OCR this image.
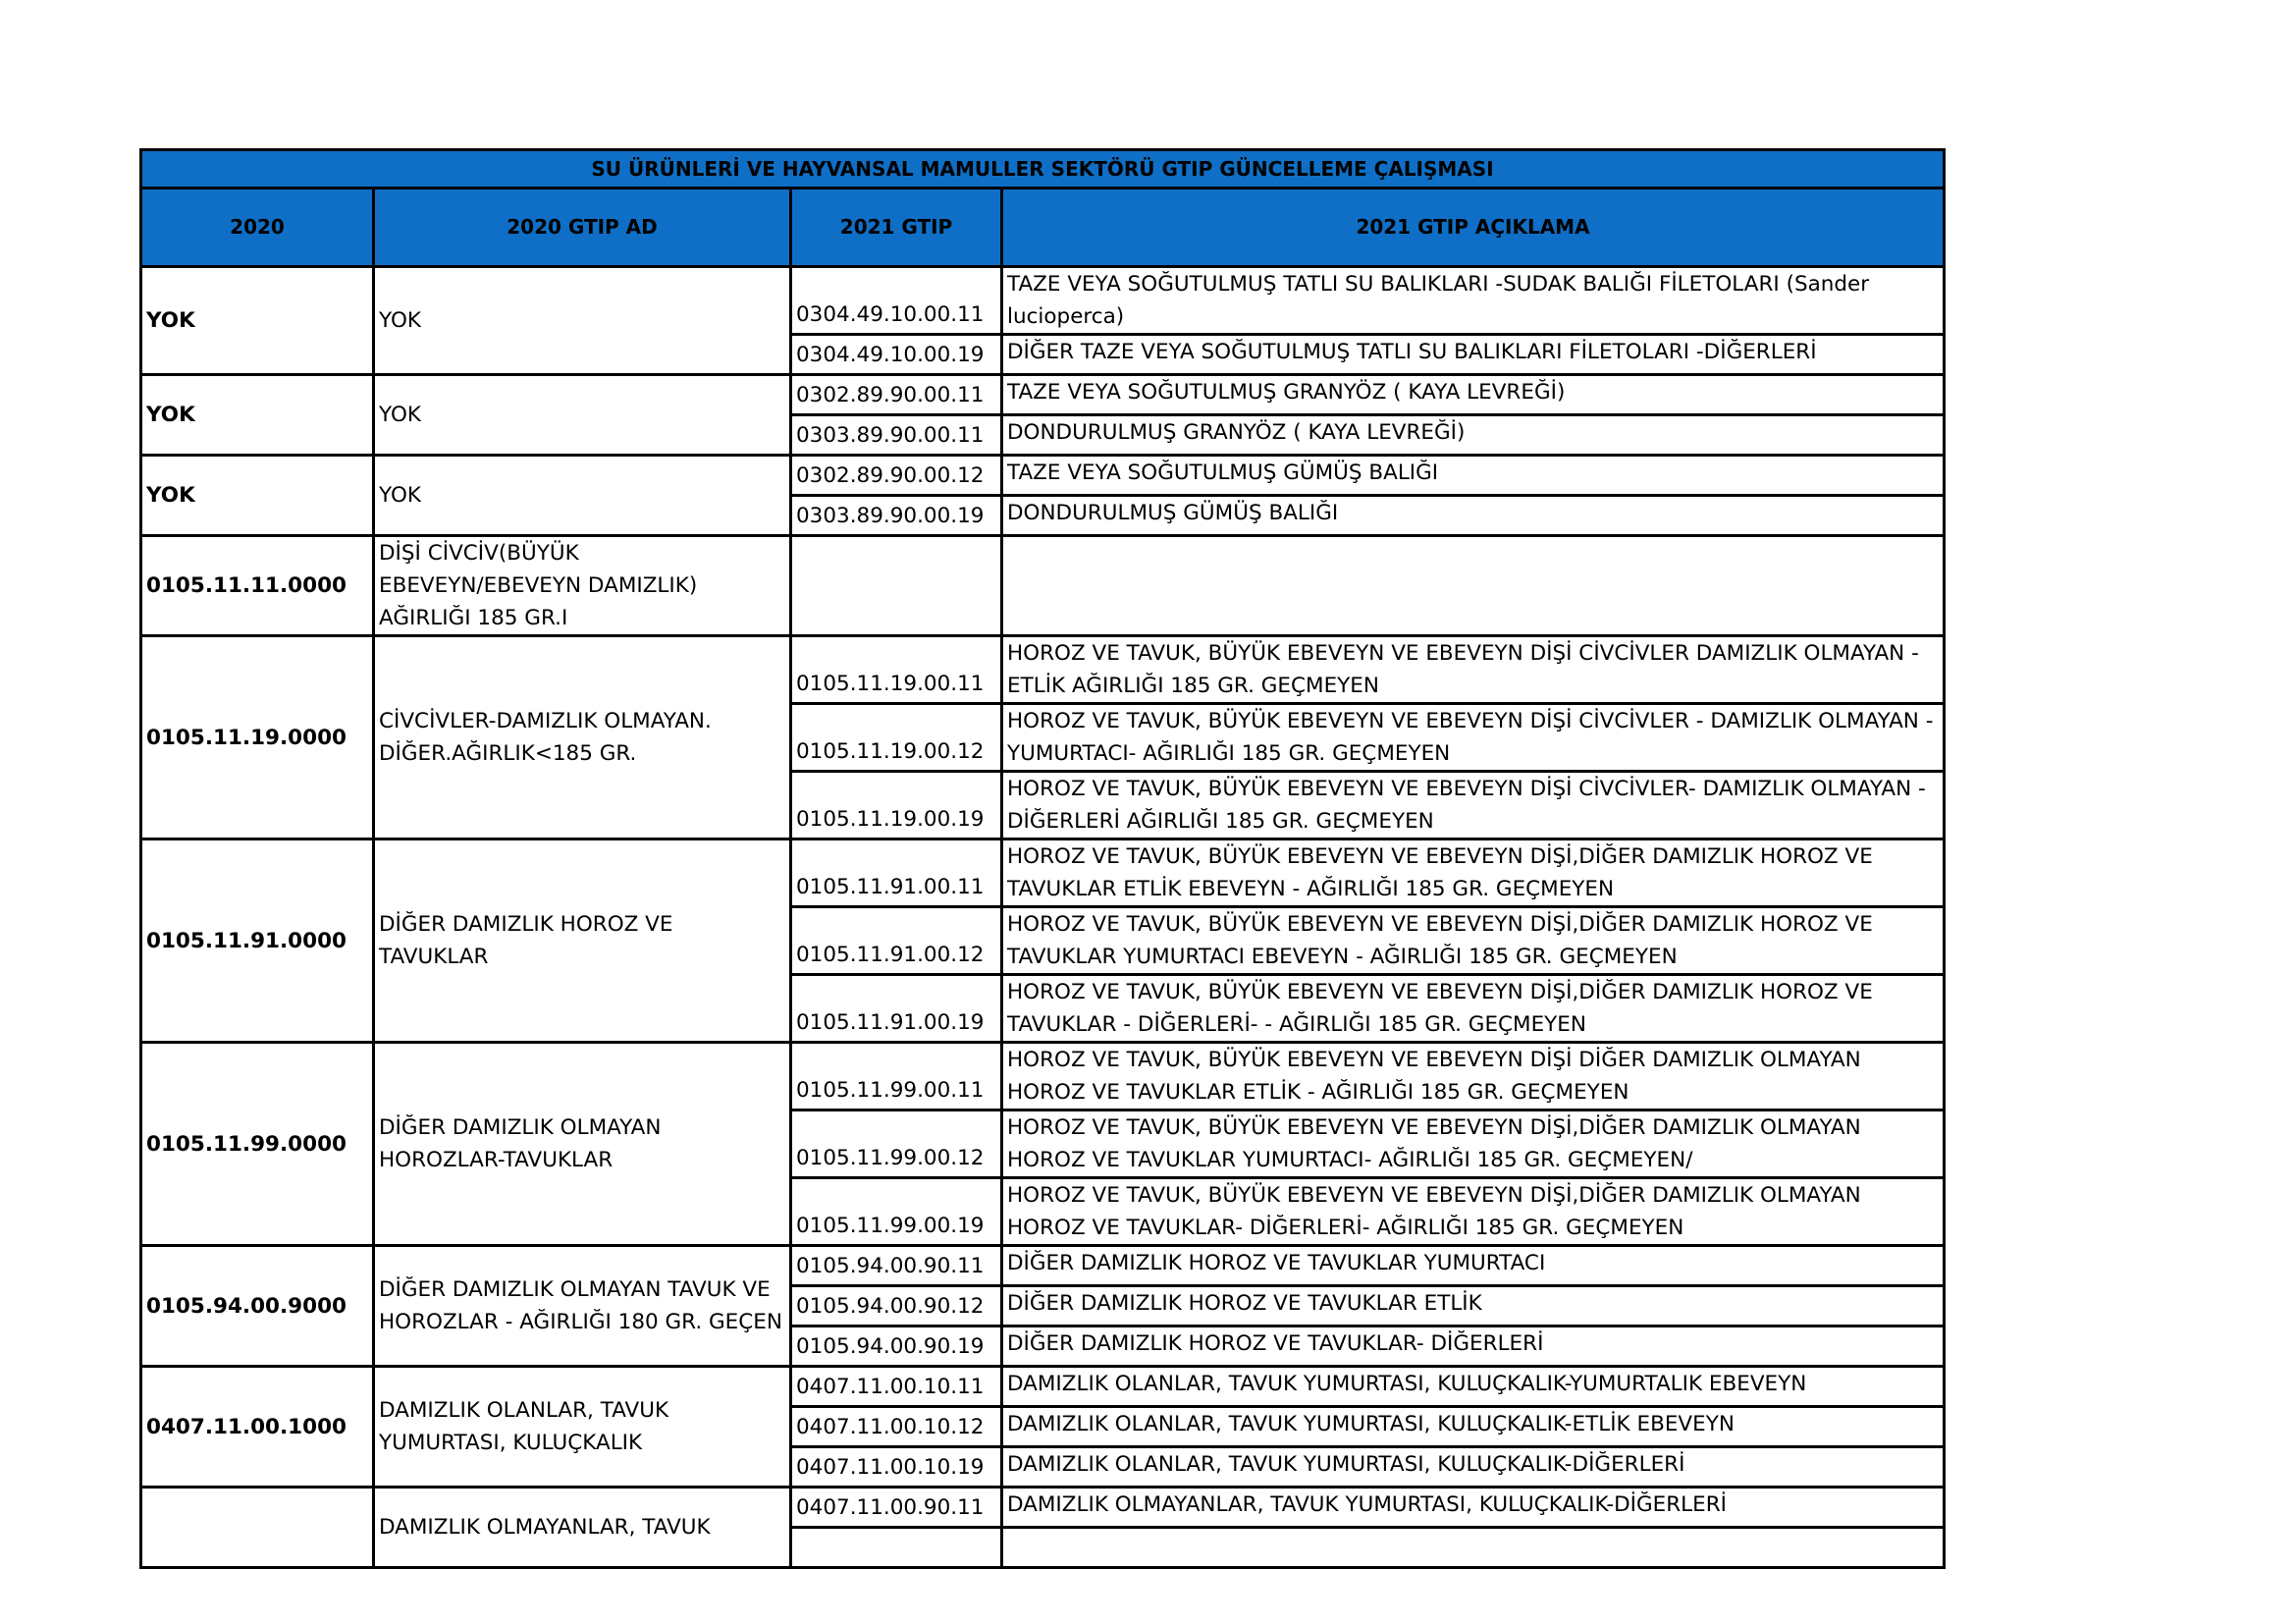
SU ÜRÜNLERİ VE HAYVANSAL MAMULLER SEKTÖRÜ GTIP GÜNCELLEME ÇALIŞMASI			
2020	2020 GTIP AD	2021 GTIP	2021 GTIP AÇIKLAMA
YOK	YOK	0304.49.10.00.11	TAZE VEYA SOĞUTULMUŞ TATLI SU BALIKLARI -SUDAK BALIĞI FİLETOLARI (Sander lucioperca)
		0304.49.10.00.19	DİĞER TAZE VEYA SOĞUTULMUŞ TATLI SU BALIKLARI FİLETOLARI -DİĞERLERİ
YOK	YOK	0302.89.90.00.11	TAZE VEYA SOĞUTULMUŞ GRANYÖZ ( KAYA LEVREĞİ)
		0303.89.90.00.11	DONDURULMUŞ GRANYÖZ ( KAYA LEVREĞİ)
YOK	YOK	0302.89.90.00.12	TAZE VEYA SOĞUTULMUŞ GÜMÜŞ BALIĞI
		0303.89.90.00.19	DONDURULMUŞ GÜMÜŞ BALIĞI
0105.11.11.0000	DİŞİ CİVCİV(BÜYÜK EBEVEYN/EBEVEYN DAMIZLIK) AĞIRLIĞI 185 GR.I		
0105.11.19.0000	CİVCİVLER-DAMIZLIK OLMAYAN. DİĞER.AĞIRLIK<185 GR.	0105.11.19.00.11	HOROZ VE TAVUK, BÜYÜK EBEVEYN VE EBEVEYN DİŞİ CİVCİVLER DAMIZLIK OLMAYAN - ETLİK AĞIRLIĞI 185 GR. GEÇMEYEN
		0105.11.19.00.12	HOROZ VE TAVUK, BÜYÜK EBEVEYN VE EBEVEYN DİŞİ CİVCİVLER - DAMIZLIK OLMAYAN - YUMURTACI- AĞIRLIĞI 185 GR. GEÇMEYEN
		0105.11.19.00.19	HOROZ VE TAVUK, BÜYÜK EBEVEYN VE EBEVEYN DİŞİ CİVCİVLER- DAMIZLIK OLMAYAN - DİĞERLERİ AĞIRLIĞI 185 GR. GEÇMEYEN
0105.11.91.0000	DİĞER DAMIZLIK HOROZ VE TAVUKLAR	0105.11.91.00.11	HOROZ VE TAVUK, BÜYÜK EBEVEYN VE EBEVEYN DİŞİ,DİĞER DAMIZLIK HOROZ VE TAVUKLAR ETLİK EBEVEYN - AĞIRLIĞI 185 GR. GEÇMEYEN
		0105.11.91.00.12	HOROZ VE TAVUK, BÜYÜK EBEVEYN VE EBEVEYN DİŞİ,DİĞER DAMIZLIK HOROZ VE TAVUKLAR YUMURTACI EBEVEYN - AĞIRLIĞI 185 GR. GEÇMEYEN
		0105.11.91.00.19	HOROZ VE TAVUK, BÜYÜK EBEVEYN VE EBEVEYN DİŞİ,DİĞER DAMIZLIK HOROZ VE TAVUKLAR - DİĞERLERİ- - AĞIRLIĞI 185 GR. GEÇMEYEN
0105.11.99.0000	DİĞER DAMIZLIK OLMAYAN HOROZLAR-TAVUKLAR	0105.11.99.00.11	HOROZ VE TAVUK, BÜYÜK EBEVEYN VE EBEVEYN DİŞİ DİĞER DAMIZLIK OLMAYAN HOROZ VE TAVUKLAR ETLİK - AĞIRLIĞI 185 GR. GEÇMEYEN
		0105.11.99.00.12	HOROZ VE TAVUK, BÜYÜK EBEVEYN VE EBEVEYN DİŞİ,DİĞER DAMIZLIK OLMAYAN HOROZ VE TAVUKLAR YUMURTACI- AĞIRLIĞI 185 GR. GEÇMEYEN/
		0105.11.99.00.19	HOROZ VE TAVUK, BÜYÜK EBEVEYN VE EBEVEYN DİŞİ,DİĞER DAMIZLIK OLMAYAN HOROZ VE TAVUKLAR- DİĞERLERİ- AĞIRLIĞI 185 GR. GEÇMEYEN
0105.94.00.9000	DİĞER DAMIZLIK OLMAYAN TAVUK VE HOROZLAR - AĞIRLIĞI 180 GR. GEÇEN	0105.94.00.90.11	DİĞER DAMIZLIK HOROZ VE TAVUKLAR YUMURTACI
		0105.94.00.90.12	DİĞER DAMIZLIK HOROZ VE TAVUKLAR ETLİK
		0105.94.00.90.19	DİĞER DAMIZLIK HOROZ VE TAVUKLAR- DİĞERLERİ
0407.11.00.1000	DAMIZLIK OLANLAR, TAVUK YUMURTASI, KULUÇKALIK	0407.11.00.10.11	DAMIZLIK OLANLAR, TAVUK YUMURTASI, KULUÇKALIK-YUMURTALIK EBEVEYN
		0407.11.00.10.12	DAMIZLIK OLANLAR, TAVUK YUMURTASI, KULUÇKALIK-ETLİK EBEVEYN
		0407.11.00.10.19	DAMIZLIK OLANLAR, TAVUK YUMURTASI, KULUÇKALIK-DİĞERLERİ
	DAMIZLIK OLMAYANLAR, TAVUK	0407.11.00.90.11	DAMIZLIK OLMAYANLAR, TAVUK YUMURTASI, KULUÇKALIK-DİĞERLERİ
